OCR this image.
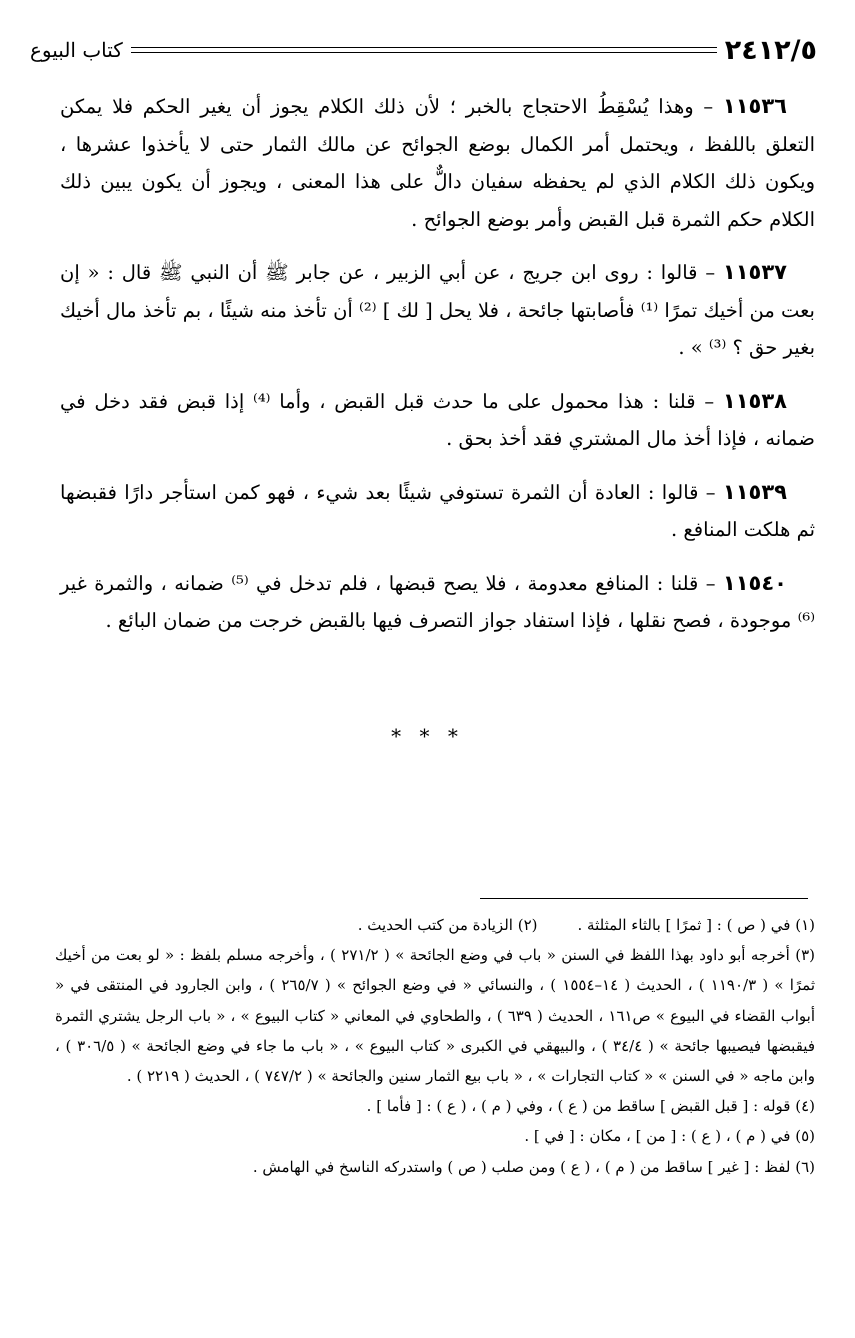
٢٤١٢/٥
كتاب البيوع

١١٥٣٦ – وهذا يُسْقِطُ الاحتجاج بالخبر ؛ لأن ذلك الكلام يجوز أن يغير الحكم فلا يمكن التعلق باللفظ ، ويحتمل أمر الكمال بوضع الجوائح عن مالك الثمار حتى لا يأخذوا عشرها ، ويكون ذلك الكلام الذي لم يحفظه سفيان دالٌّ على هذا المعنى ، ويجوز أن يكون يبين ذلك الكلام حكم الثمرة قبل القبض وأمر بوضع الجوائح .

١١٥٣٧ – قالوا : روى ابن جريج ، عن أبي الزبير ، عن جابر ﷺ أن النبي ﷺ قال : « إن بعت من أخيك تمرًا ⁽¹⁾ فأصابتها جائحة ، فلا يحل [ لك ] ⁽²⁾ أن تأخذ منه شيئًا ، بم تأخذ مال أخيك بغير حق ؟ ⁽³⁾ » .

١١٥٣٨ – قلنا : هذا محمول على ما حدث قبل القبض ، وأما ⁽⁴⁾ إذا قبض فقد دخل في ضمانه ، فإذا أخذ مال المشتري فقد أخذ بحق .

١١٥٣٩ – قالوا : العادة أن الثمرة تستوفي شيئًا بعد شيء ، فهو كمن استأجر دارًا فقبضها ثم هلكت المنافع .

١١٥٤٠ – قلنا : المنافع معدومة ، فلا يصح قبضها ، فلم تدخل في ⁽⁵⁾ ضمانه ، والثمرة غير ⁽⁶⁾ موجودة ، فصح نقلها ، فإذا استفاد جواز التصرف فيها بالقبض خرجت من ضمان البائع .

* * *
(١) في ( ص ) : [ ثمرًا ] بالثاء المثلثة .
(٢) الزيادة من كتب الحديث .

(٣) أخرجه أبو داود بهذا اللفظ في السنن « باب في وضع الجائحة » ( ٢٧١/٢ ) ، وأخرجه مسلم بلفظ : « لو بعت من أخيك ثمرًا » ( ١١٩٠/٣ ) ، الحديث ( ١٤–١٥٥٤ ) ، والنسائي « في وضع الجوائح » ( ٢٦٥/٧ ) ، وابن الجارود في المنتقى في « أبواب القضاء في البيوع » ص١٦١ ، الحديث ( ٦٣٩ ) ، والطحاوي في المعاني « كتاب البيوع » ، « باب الرجل يشتري الثمرة فيقبضها فيصيبها جائحة » ( ٣٤/٤ ) ، والبيهقي في الكبرى « كتاب البيوع » ، « باب ما جاء في وضع الجائحة » ( ٣٠٦/٥ ) ، وابن ماجه « في السنن » « كتاب التجارات » ، « باب بيع الثمار سنين والجائحة » ( ٧٤٧/٢ ) ، الحديث ( ٢٢١٩ ) .

(٤) قوله : [ قبل القبض ] ساقط من ( ع ) ، وفي ( م ) ، ( ع ) : [ فأما ] .

(٥) في ( م ) ، ( ع ) : [ من ] ، مكان : [ في ] .

(٦) لفظ : [ غير ] ساقط من ( م ) ، ( ع ) ومن صلب ( ص ) واستدركه الناسخ في الهامش .
